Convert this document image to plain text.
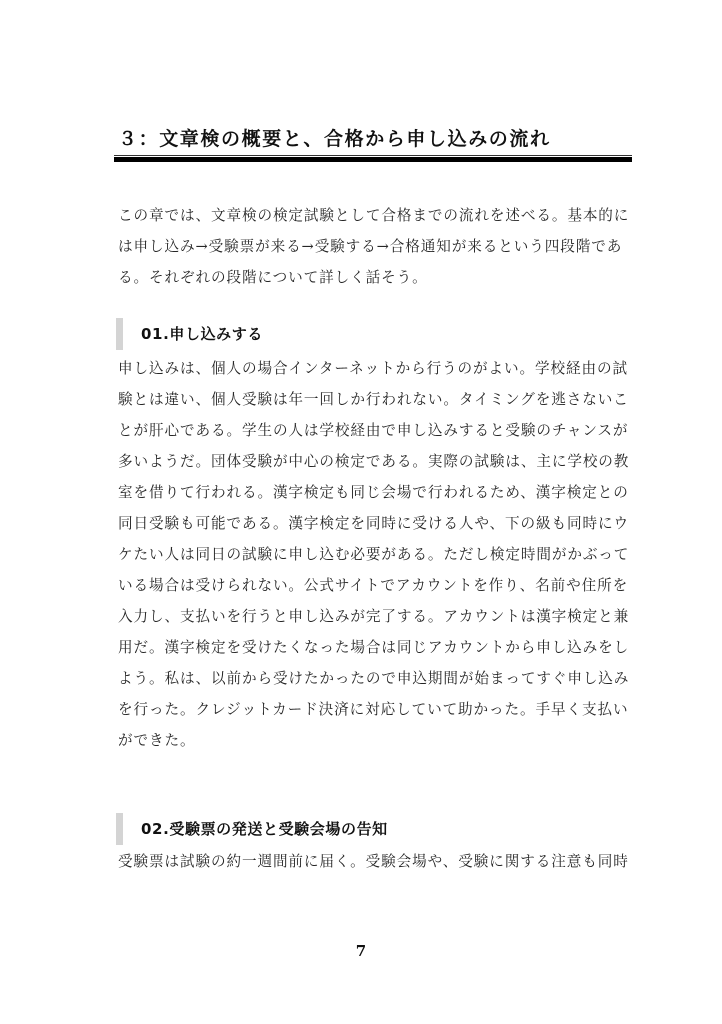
３：文章検の概要と、合格から申し込みの流れ
この章では、文章検の検定試験として合格までの流れを述べる。基本的に
は申し込み→受験票が来る→受験する→合格通知が来るという四段階であ
る。それぞれの段階について詳しく話そう。
01.申し込みする
申し込みは、個人の場合インターネットから行うのがよい。学校経由の試
験とは違い、個人受験は年一回しか行われない。タイミングを逃さないこ
とが肝心である。学生の人は学校経由で申し込みすると受験のチャンスが
多いようだ。団体受験が中心の検定である。実際の試験は、主に学校の教
室を借りて行われる。漢字検定も同じ会場で行われるため、漢字検定との
同日受験も可能である。漢字検定を同時に受ける人や、下の級も同時にウ
ケたい人は同日の試験に申し込む必要がある。ただし検定時間がかぶって
いる場合は受けられない。公式サイトでアカウントを作り、名前や住所を
入力し、支払いを行うと申し込みが完了する。アカウントは漢字検定と兼
用だ。漢字検定を受けたくなった場合は同じアカウントから申し込みをし
よう。私は、以前から受けたかったので申込期間が始まってすぐ申し込み
を行った。クレジットカード決済に対応していて助かった。手早く支払い
ができた。
02.受験票の発送と受験会場の告知
受験票は試験の約一週間前に届く。受験会場や、受験に関する注意も同時
7
